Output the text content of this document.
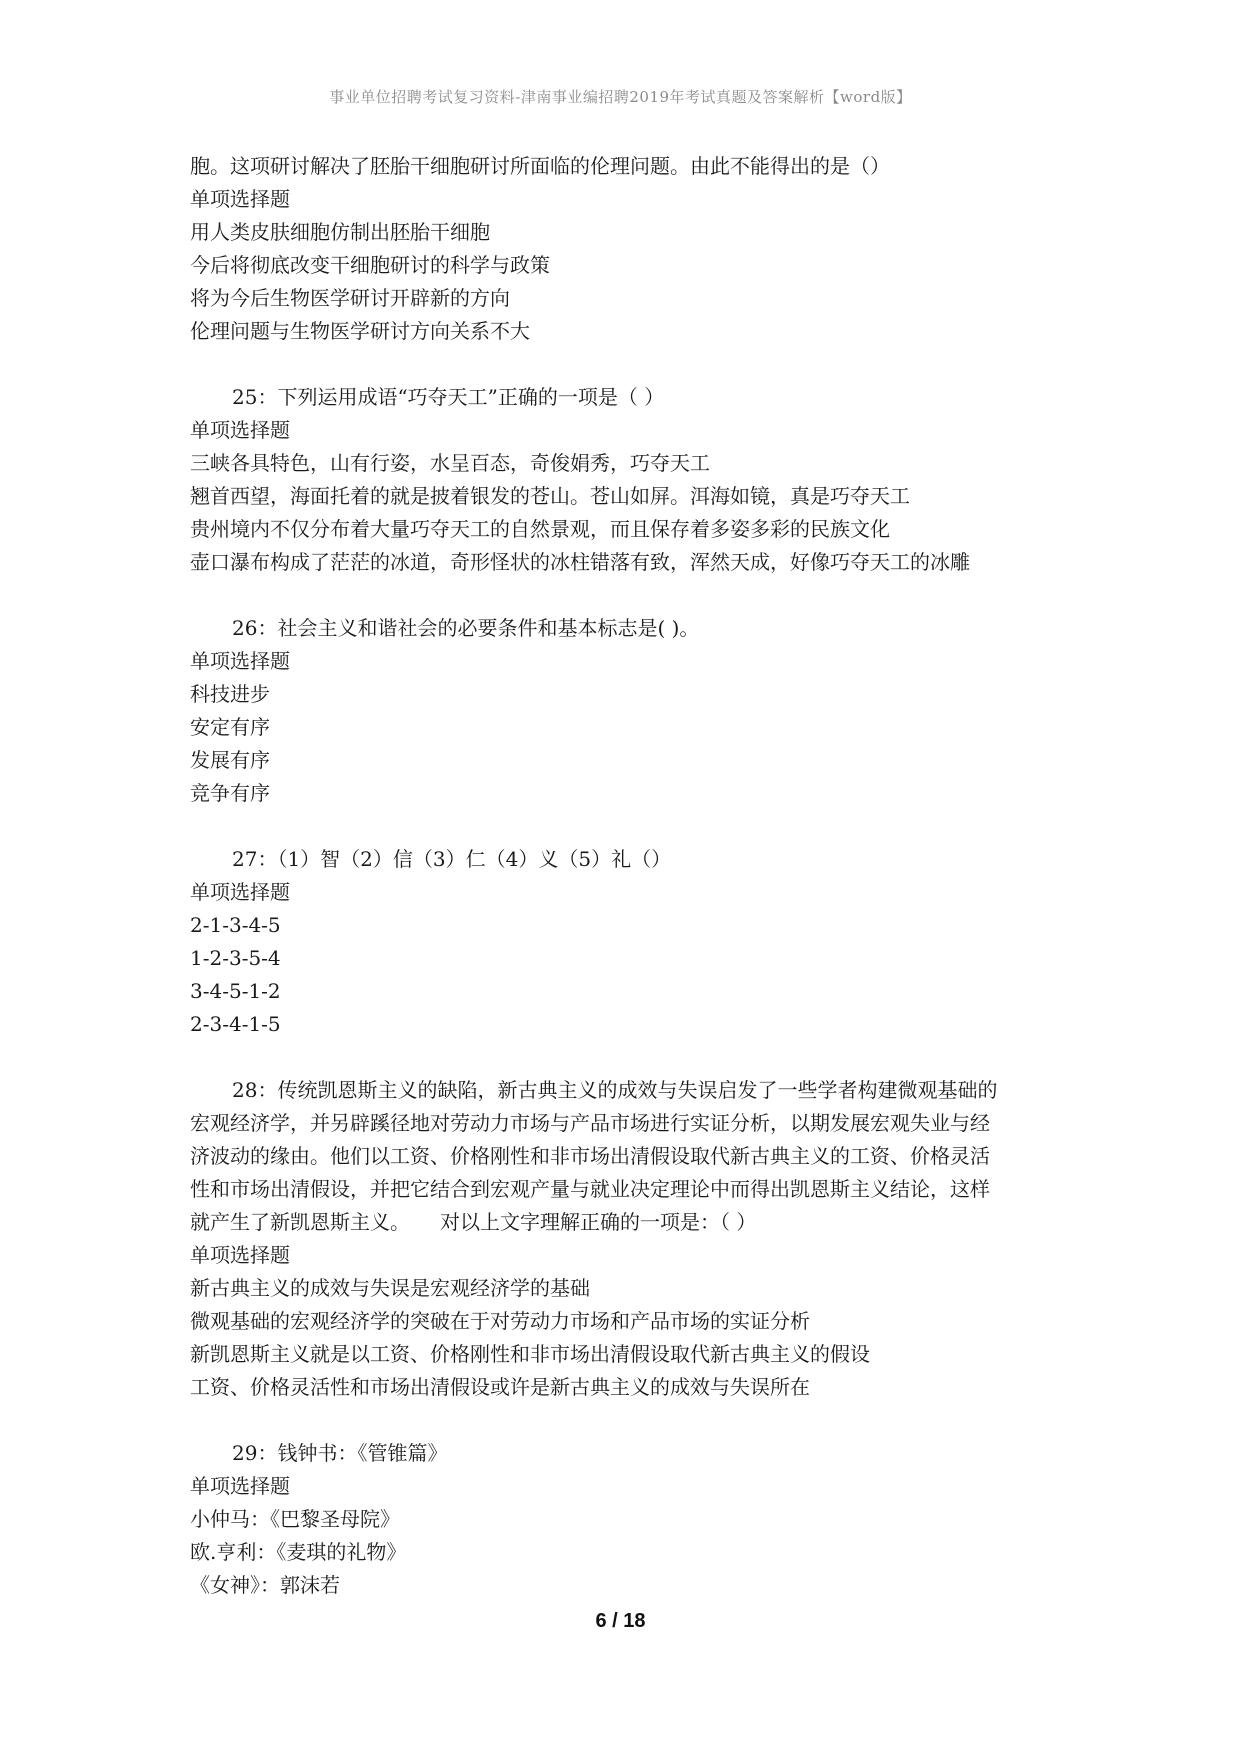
事业单位招聘考试复习资料-津南事业编招聘2019年考试真题及答案解析【word版】
胞。这项研讨解决了胚胎干细胞研讨所面临的伦理问题。由此不能得出的是（）
单项选择题
用人类皮肤细胞仿制出胚胎干细胞
今后将彻底改变干细胞研讨的科学与政策
将为今后生物医学研讨开辟新的方向
伦理问题与生物医学研讨方向关系不大
25：下列运用成语“巧夺天工”正确的一项是（ ）
单项选择题
三峡各具特色，山有行姿，水呈百态，奇俊娟秀，巧夺天工
翘首西望，海面托着的就是披着银发的苍山。苍山如屏。洱海如镜，真是巧夺天工
贵州境内不仅分布着大量巧夺天工的自然景观，而且保存着多姿多彩的民族文化
壶口瀑布构成了茫茫的冰道，奇形怪状的冰柱错落有致，浑然天成，好像巧夺天工的冰雕
26：社会主义和谐社会的必要条件和基本标志是( )。
单项选择题
科技进步
安定有序
发展有序
竞争有序
27：（1）智（2）信（3）仁（4）义（5）礼（）
单项选择题
2-1-3-4-5
1-2-3-5-4
3-4-5-1-2
2-3-4-1-5
28：传统凯恩斯主义的缺陷，新古典主义的成效与失误启发了一些学者构建微观基础的
宏观经济学，并另辟蹊径地对劳动力市场与产品市场进行实证分析，以期发展宏观失业与经
济波动的缘由。他们以工资、价格刚性和非市场出清假设取代新古典主义的工资、价格灵活
性和市场出清假设，并把它结合到宏观产量与就业决定理论中而得出凯恩斯主义结论，这样
就产生了新凯恩斯主义。　　对以上文字理解正确的一项是：（ ）
单项选择题
新古典主义的成效与失误是宏观经济学的基础
微观基础的宏观经济学的突破在于对劳动力市场和产品市场的实证分析
新凯恩斯主义就是以工资、价格刚性和非市场出清假设取代新古典主义的假设
工资、价格灵活性和市场出清假设或许是新古典主义的成效与失误所在
29：钱钟书：《管锥篇》
单项选择题
小仲马：《巴黎圣母院》
欧.亨利：《麦琪的礼物》
《女神》：郭沫若
6 / 18
